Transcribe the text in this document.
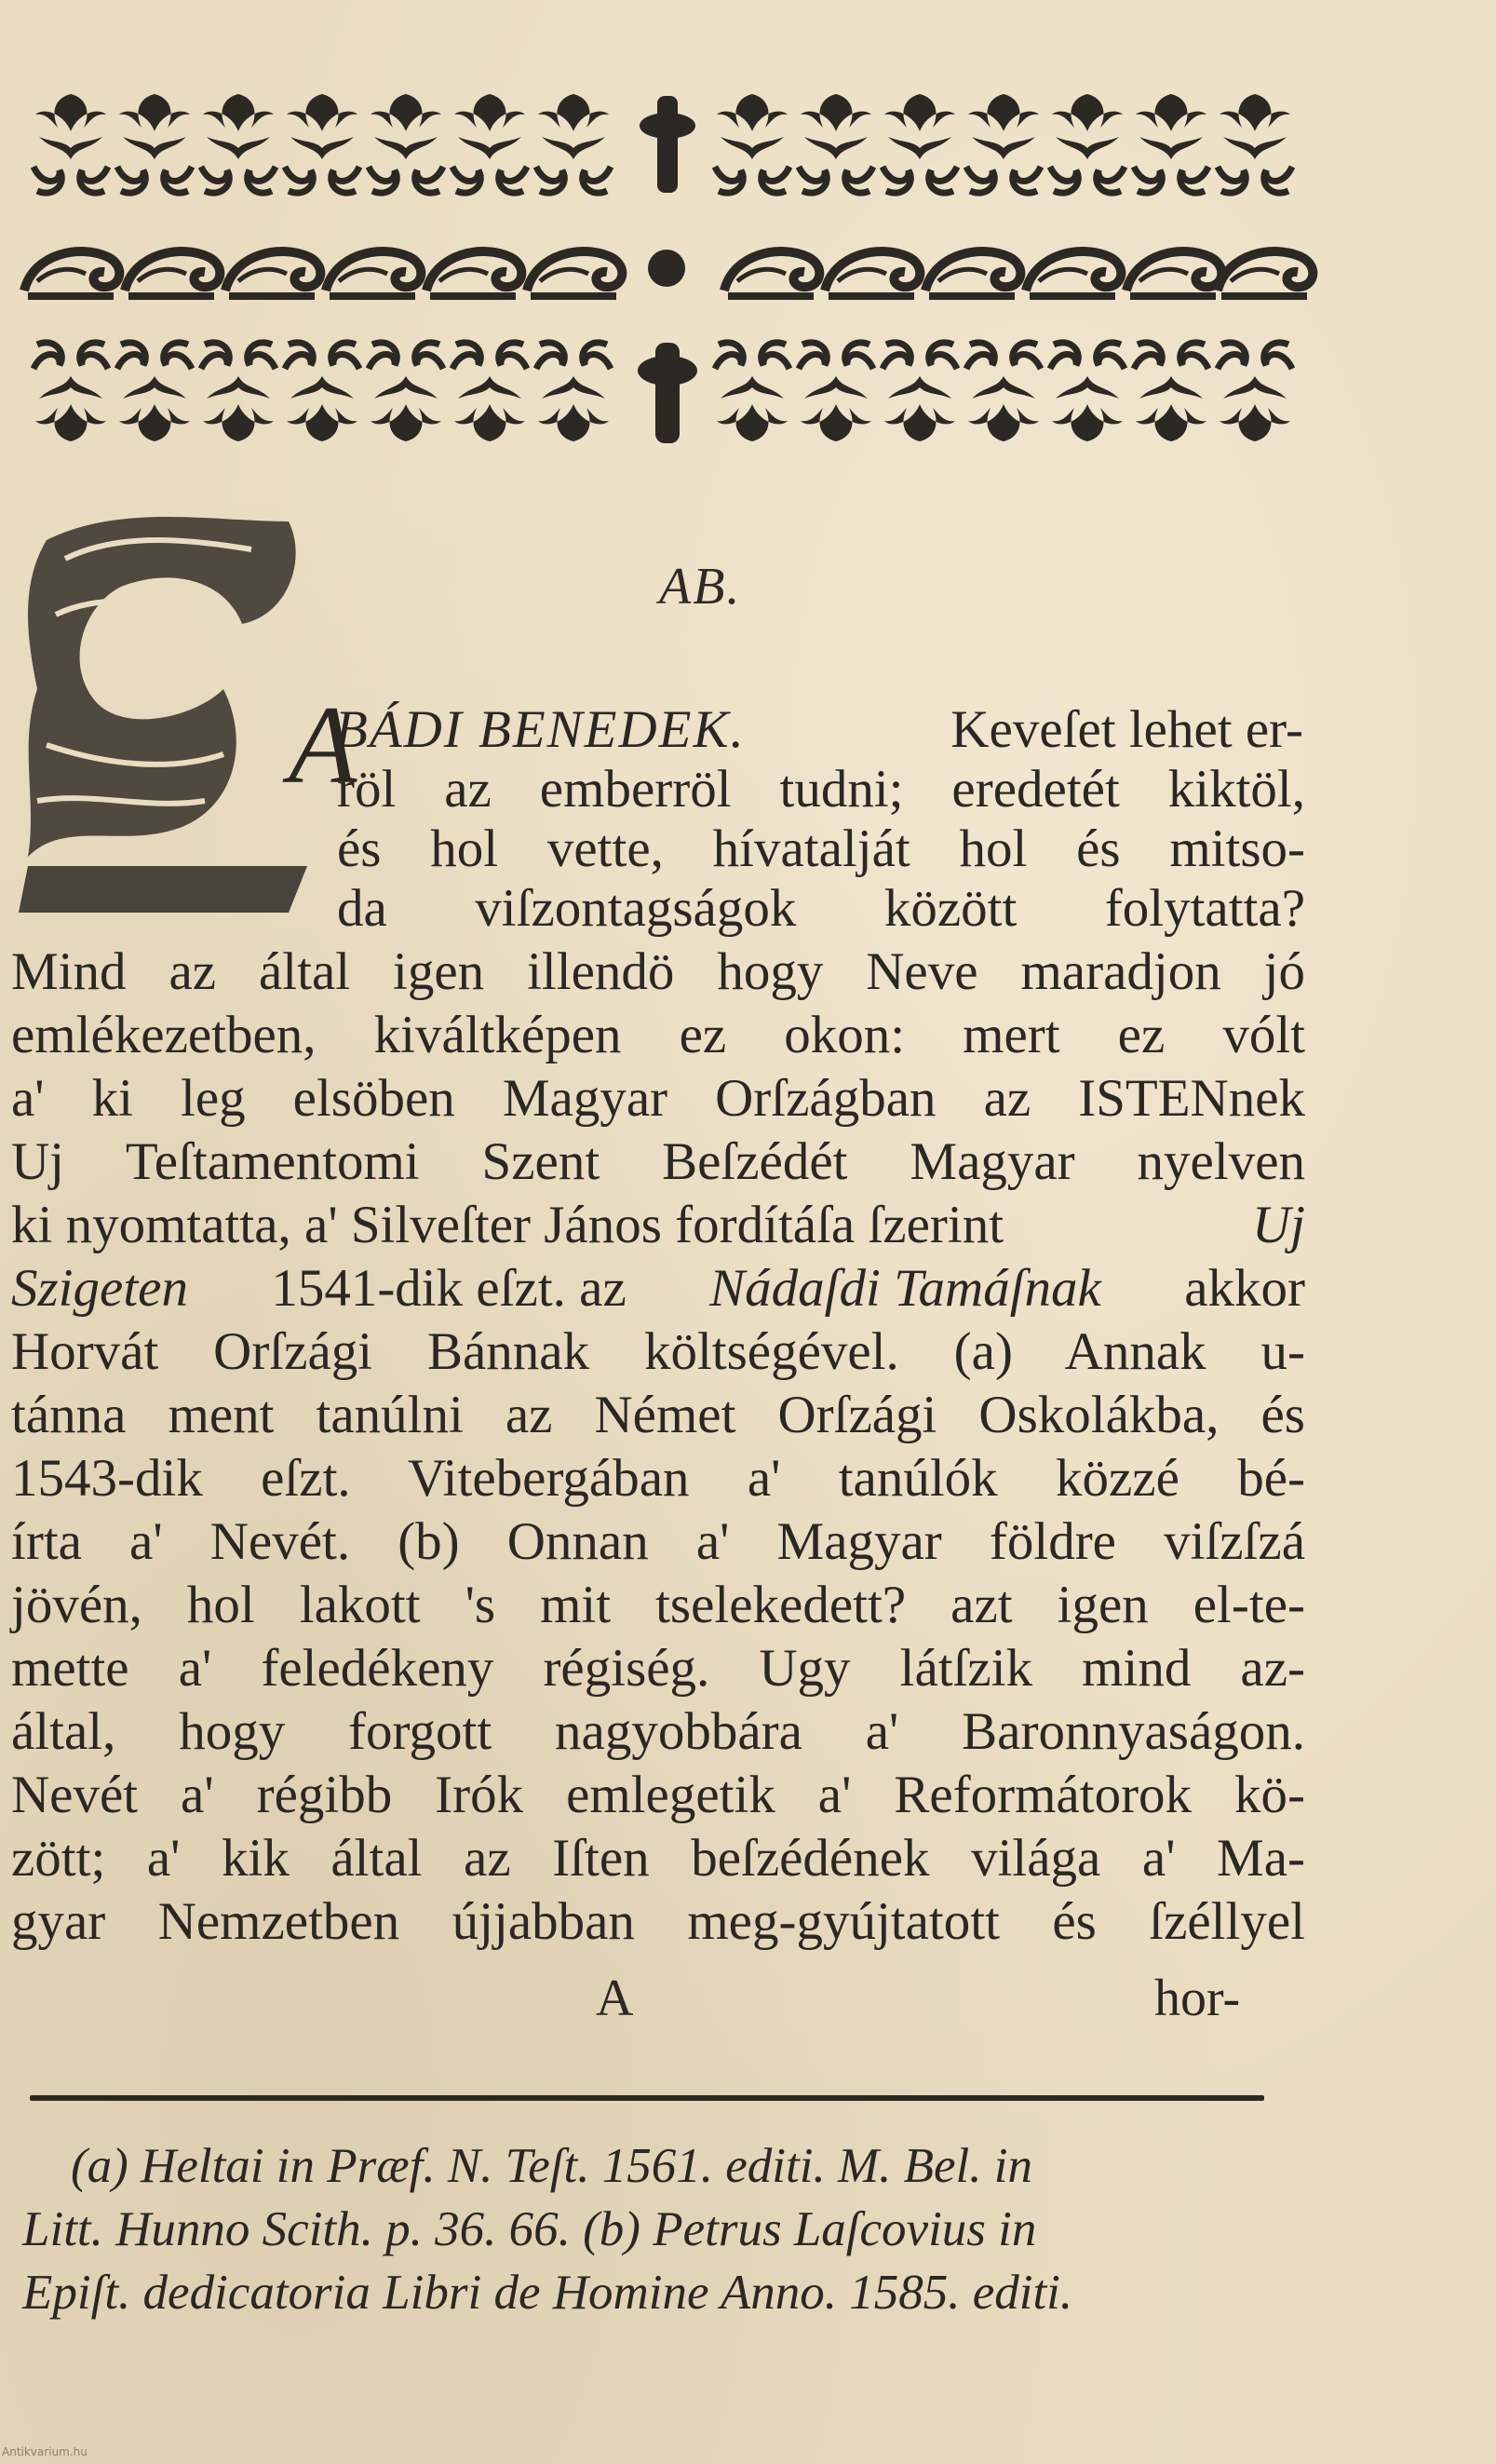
AB.
A
BÁDI BENEDEK.	Keveſet lehet er-
röl az emberröl tudni; eredetét kiktöl,
és hol vette, hívatalját hol és mitso-
da viſzontagságok között folytatta?
Mind az által igen illendö hogy Neve maradjon jó
emlékezetben, kiváltképen ez okon: mert ez vólt
a' ki leg elsöben Magyar Orſzágban az ISTENnek
Uj Teſtamentomi Szent Beſzédét Magyar nyelven
ki nyomtatta, a' Silveſter János fordítáſa ſzerint	Uj
Szigeten 1541-dik eſzt. az Nádaſdi Tamáſnak akkor
Horvát Orſzági Bánnak költségével. (a) Annak u-
tánna ment tanúlni az Német Orſzági Oskolákba, és
1543-dik eſzt. Vitebergában a' tanúlók közzé bé-
írta a' Nevét. (b) Onnan a' Magyar földre viſzſzá
jövén, hol lakott 's mit tselekedett? azt igen el-te-
mette a' feledékeny régiség. Ugy látſzik mind az-
által, hogy forgott nagyobbára a' Baronnyaságon.
Nevét a' régibb Irók emlegetik a' Reformátorok kö-
zött; a' kik által az Iſten beſzédének világa a' Ma-
gyar Nemzetben újjabban meg-gyújtatott és ſzéllyel
A	hor-
(a) Heltai in Præf. N. Teſt. 1561. editi. M. Bel. in
Litt. Hunno Scith. p. 36. 66. (b) Petrus Laſcovius in
Epiſt. dedicatoria Libri de Homine Anno. 1585. editi.
Antikvarium.hu
